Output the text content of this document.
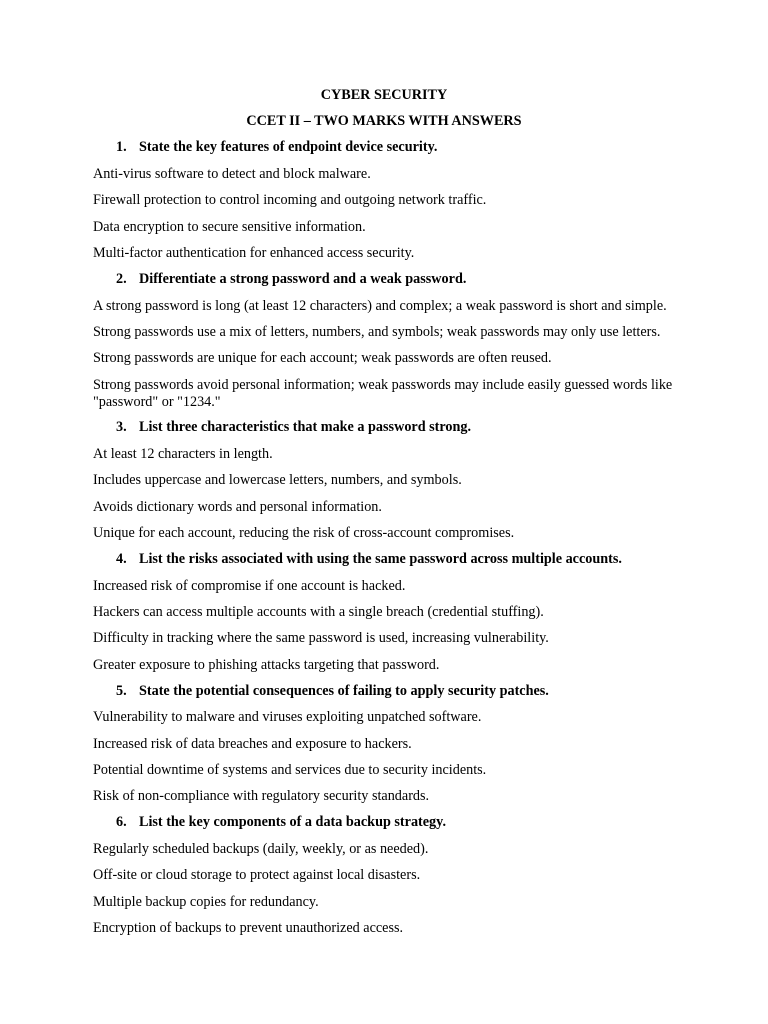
CYBER SECURITY
CCET II – TWO MARKS WITH ANSWERS
1. State the key features of endpoint device security.
Anti-virus software to detect and block malware.
Firewall protection to control incoming and outgoing network traffic.
Data encryption to secure sensitive information.
Multi-factor authentication for enhanced access security.
2. Differentiate a strong password and a weak password.
A strong password is long (at least 12 characters) and complex; a weak password is short and simple.
Strong passwords use a mix of letters, numbers, and symbols; weak passwords may only use letters.
Strong passwords are unique for each account; weak passwords are often reused.
Strong passwords avoid personal information; weak passwords may include easily guessed words like "password" or "1234."
3. List three characteristics that make a password strong.
At least 12 characters in length.
Includes uppercase and lowercase letters, numbers, and symbols.
Avoids dictionary words and personal information.
Unique for each account, reducing the risk of cross-account compromises.
4. List the risks associated with using the same password across multiple accounts.
Increased risk of compromise if one account is hacked.
Hackers can access multiple accounts with a single breach (credential stuffing).
Difficulty in tracking where the same password is used, increasing vulnerability.
Greater exposure to phishing attacks targeting that password.
5. State the potential consequences of failing to apply security patches.
Vulnerability to malware and viruses exploiting unpatched software.
Increased risk of data breaches and exposure to hackers.
Potential downtime of systems and services due to security incidents.
Risk of non-compliance with regulatory security standards.
6. List the key components of a data backup strategy.
Regularly scheduled backups (daily, weekly, or as needed).
Off-site or cloud storage to protect against local disasters.
Multiple backup copies for redundancy.
Encryption of backups to prevent unauthorized access.
